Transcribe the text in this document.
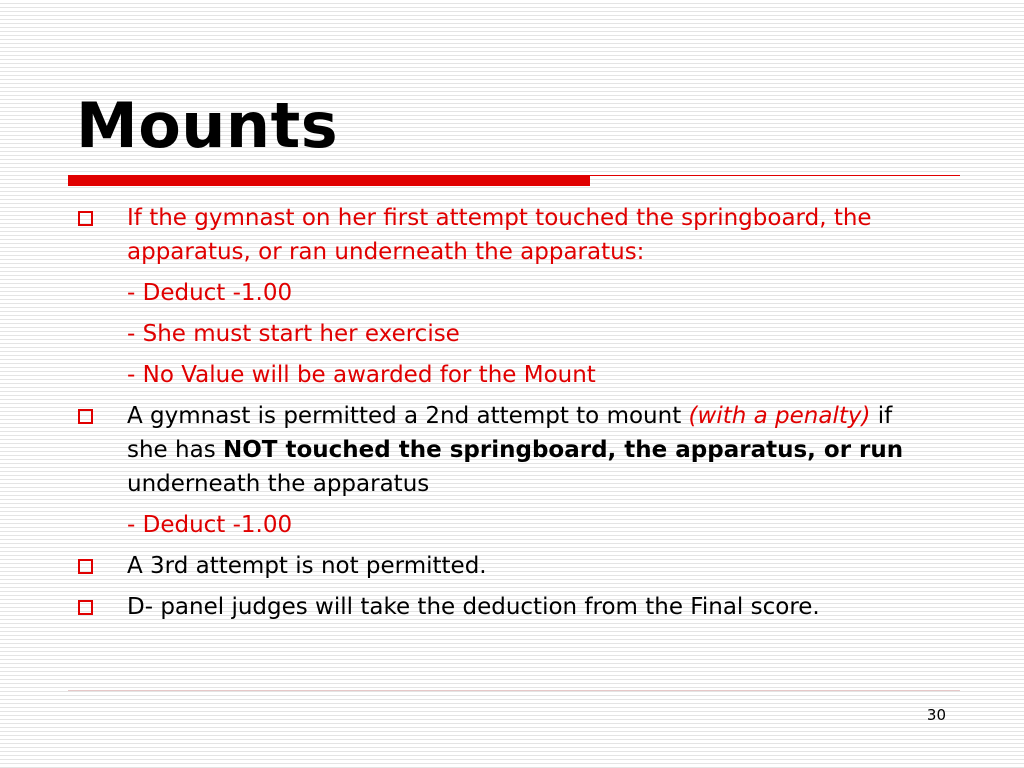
Mounts
If the gymnast on her first attempt touched the springboard, the apparatus, or ran underneath the apparatus:
- Deduct -1.00
- She must start her exercise
- No Value will be awarded for the Mount
A gymnast is permitted a 2nd attempt to mount (with a penalty) if she has NOT touched the springboard, the apparatus, or run underneath the apparatus
- Deduct -1.00
A 3rd attempt is not permitted.
D- panel judges will take the deduction from the Final score.
30
